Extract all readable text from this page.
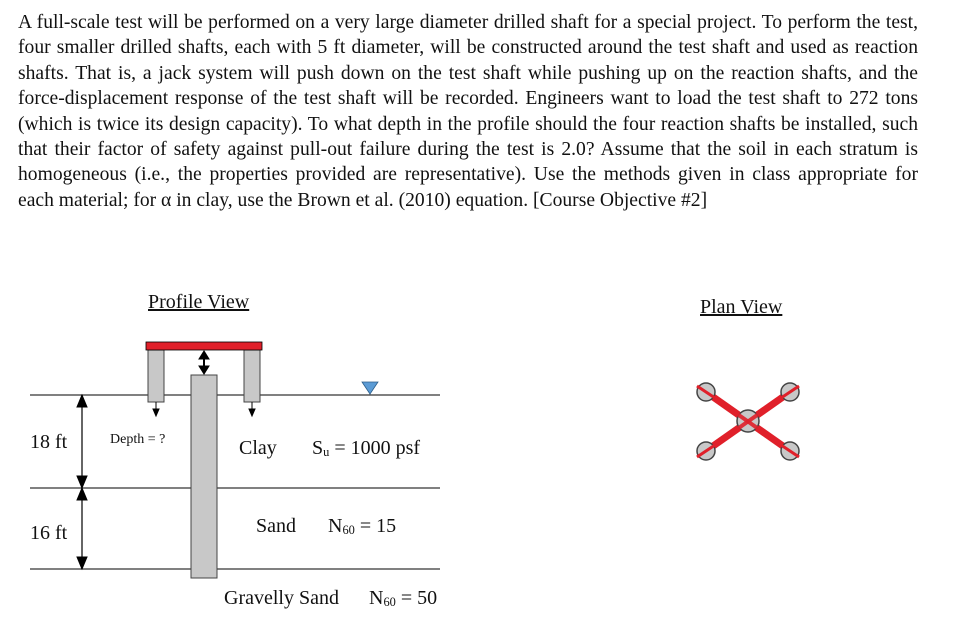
A full-scale test will be performed on a very large diameter drilled shaft for a special project. To perform the test, four smaller drilled shafts, each with 5 ft diameter, will be constructed around the test shaft and used as reaction shafts. That is, a jack system will push down on the test shaft while pushing up on the reaction shafts, and the force-displacement response of the test shaft will be recorded. Engineers want to load the test shaft to 272 tons (which is twice its design capacity). To what depth in the profile should the four reaction shafts be installed, such that their factor of safety against pull-out failure during the test is 2.0? Assume that the soil in each stratum is homogeneous (i.e., the properties provided are representative). Use the methods given in class appropriate for each material; for α in clay, use the Brown et al. (2010) equation. [Course Objective #2]

Profile View	Plan View
18 ft
16 ft
Depth = ?	Clay $S_u = 1000$ psf
Sand $N_{60} = 15$
Gravelly Sand $N_{60} = 50$
